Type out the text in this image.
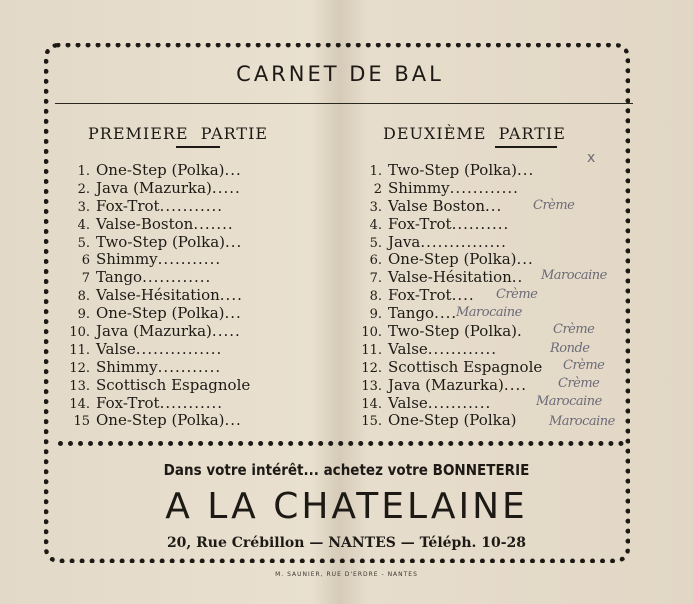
CARNET DE BAL
PREMIERE  PARTIE	DEUXIÈME  PARTIE
1. One-Step (Polka)...
2. Java (Mazurka).....
3. Fox-Trot...........
4. Valse-Boston.......
5. Two-Step (Polka)...
6 Shimmy...........
7 Tango............
8. Valse-Hésitation....
9. One-Step (Polka)...
10. Java (Mazurka).....
11. Valse...............
12. Shimmy...........
13. Scottisch Espagnole
14. Fox-Trot...........
15 One-Step (Polka)...
1. Two-Step (Polka)...
2 Shimmy............
3. Valse Boston...
4. Fox-Trot..........
5. Java...............
6. One-Step (Polka)...
7. Valse-Hésitation..
8. Fox-Trot....
9. Tango....
10. Two-Step (Polka).
11. Valse............
12. Scottisch Espagnole
13. Java (Mazurka)....
14. Valse...........
15. One-Step (Polka)
x
Crème
Marocaine
Crème
Marocaine
Crème
Ronde
Crème
Crème
Marocaine
Marocaine
Dans votre intérêt... achetez votre BONNETERIE
A LA CHATELAINE
20, Rue Crébillon — NANTES — Téléph. 10-28
M. SAUNIER, RUE D'ERDRE - NANTES
